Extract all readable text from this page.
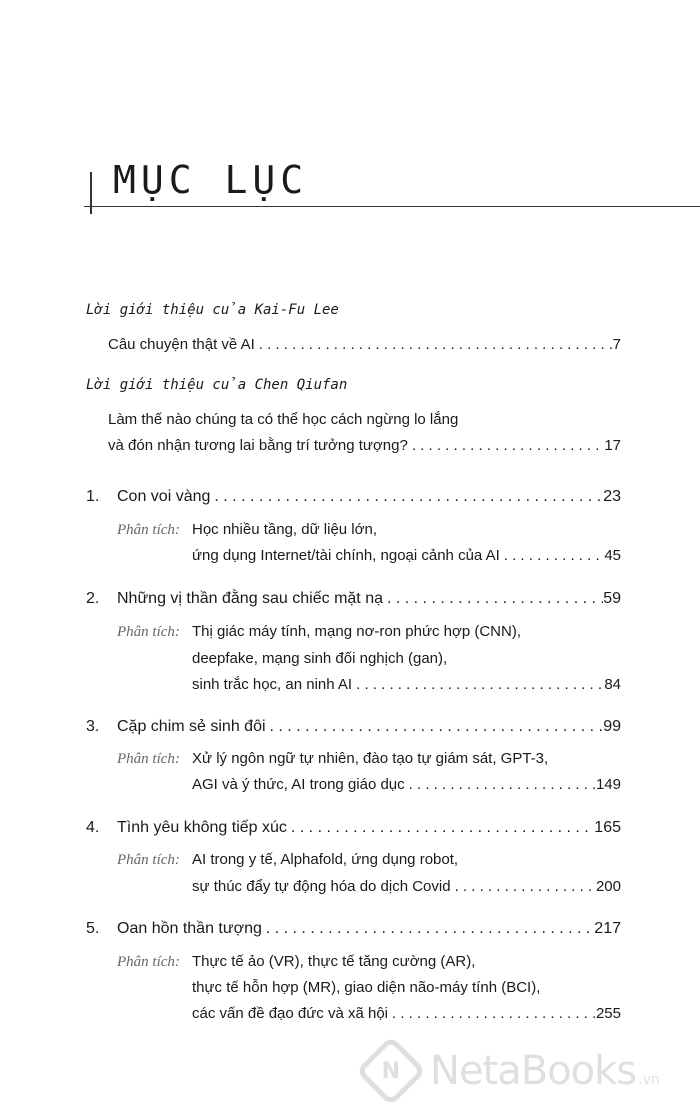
MỤC LỤC
Lời giới thiệu của Kai-Fu Lee
Câu chuyện thật về AI . . .	7
Lời giới thiệu của Chen Qiufan
Làm thế nào chúng ta có thể học cách ngừng lo lắng
và đón nhận tương lai bằng trí tưởng tượng? . . .	17
1. Con voi vàng . . .	23
Phân tích: Học nhiều tầng, dữ liệu lớn,
ứng dụng Internet/tài chính, ngoại cảnh của AI . . .	45
2. Những vị thần đằng sau chiếc mặt nạ . . .	59
Phân tích: Thị giác máy tính, mạng nơ-ron phức hợp (CNN),
deepfake, mạng sinh đối nghịch (gan),
sinh trắc học, an ninh AI . . .	84
3. Cặp chim sẻ sinh đôi . . .	99
Phân tích: Xử lý ngôn ngữ tự nhiên, đào tạo tự giám sát, GPT-3,
AGI và ý thức, AI trong giáo dục . . .	149
4. Tình yêu không tiếp xúc . . .	165
Phân tích: AI trong y tế, Alphafold, ứng dụng robot,
sự thúc đẩy tự động hóa do dịch Covid . . .	200
5. Oan hồn thần tượng . . .	217
Phân tích: Thực tế ảo (VR), thực tế tăng cường (AR),
thực tế hỗn hợp (MR), giao diện não-máy tính (BCI),
các vấn đề đạo đức và xã hội . . .	255
N NetaBooks .vn
